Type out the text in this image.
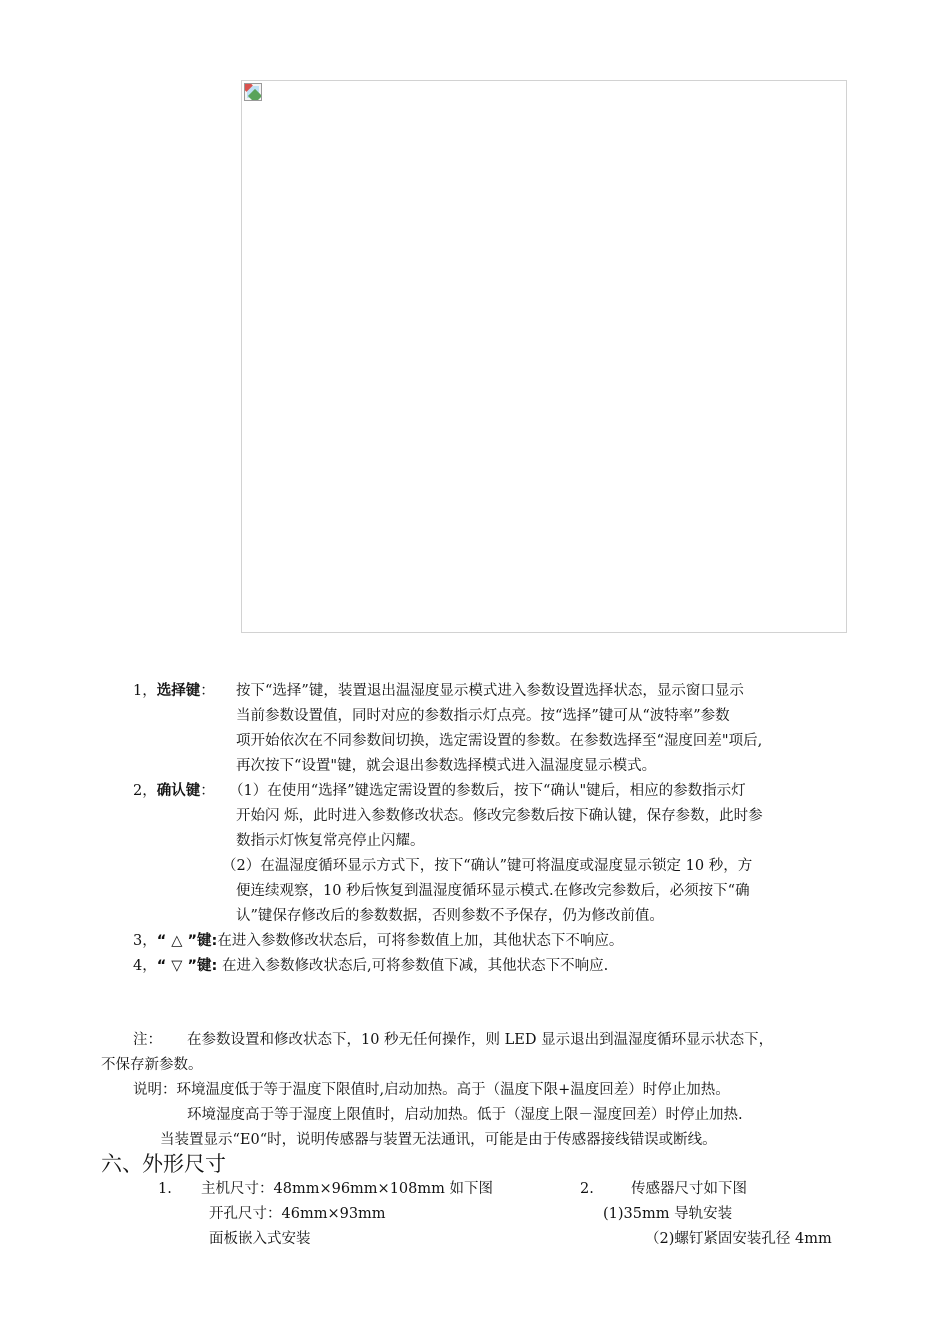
1，选择键： 按下“选择”键，装置退出温湿度显示模式进入参数设置选择状态，显示窗口显示
当前参数设置值，同时对应的参数指示灯点亮。按“选择”键可从“波特率”参数
项开始依次在不同参数间切换，选定需设置的参数。在参数选择至“湿度回差"项后,
再次按下“设置"键，就会退出参数选择模式进入温湿度显示模式。
2，确认键： （1）在使用“选择”键选定需设置的参数后，按下“确认"键后，相应的参数指示灯
开始闪 烁，此时进入参数修改状态。修改完参数后按下确认键，保存参数，此时参
数指示灯恢复常亮停止闪耀。
（2）在温湿度循环显示方式下，按下“确认”键可将温度或湿度显示锁定 10 秒，方
便连续观察，10 秒后恢复到温湿度循环显示模式.在修改完参数后，必须按下“确
认”键保存修改后的参数数据，否则参数不予保存，仍为修改前值。
3，“ △ ”键:在进入参数修改状态后，可将参数值上加，其他状态下不响应。
4，“ ▽ ”键: 在进入参数修改状态后,可将参数值下减，其他状态下不响应.
注： 在参数设置和修改状态下，10 秒无任何操作，则 LED 显示退出到温湿度循环显示状态下，
不保存新参数。
说明：环境温度低于等于温度下限值时,启动加热。高于（温度下限+温度回差）时停止加热。
环境湿度高于等于湿度上限值时，启动加热。低于（湿度上限－湿度回差）时停止加热.
当装置显示“E0“时，说明传感器与装置无法通讯，可能是由于传感器接线错误或断线。
六、 外形尺寸
1. 主机尺寸：48mm×96mm×108mm 如下图	2.	传感器尺寸如下图
开孔尺寸：46mm×93mm	(1)35mm 导轨安装
面板嵌入式安装	（2)螺钉紧固安装孔径 4mm
